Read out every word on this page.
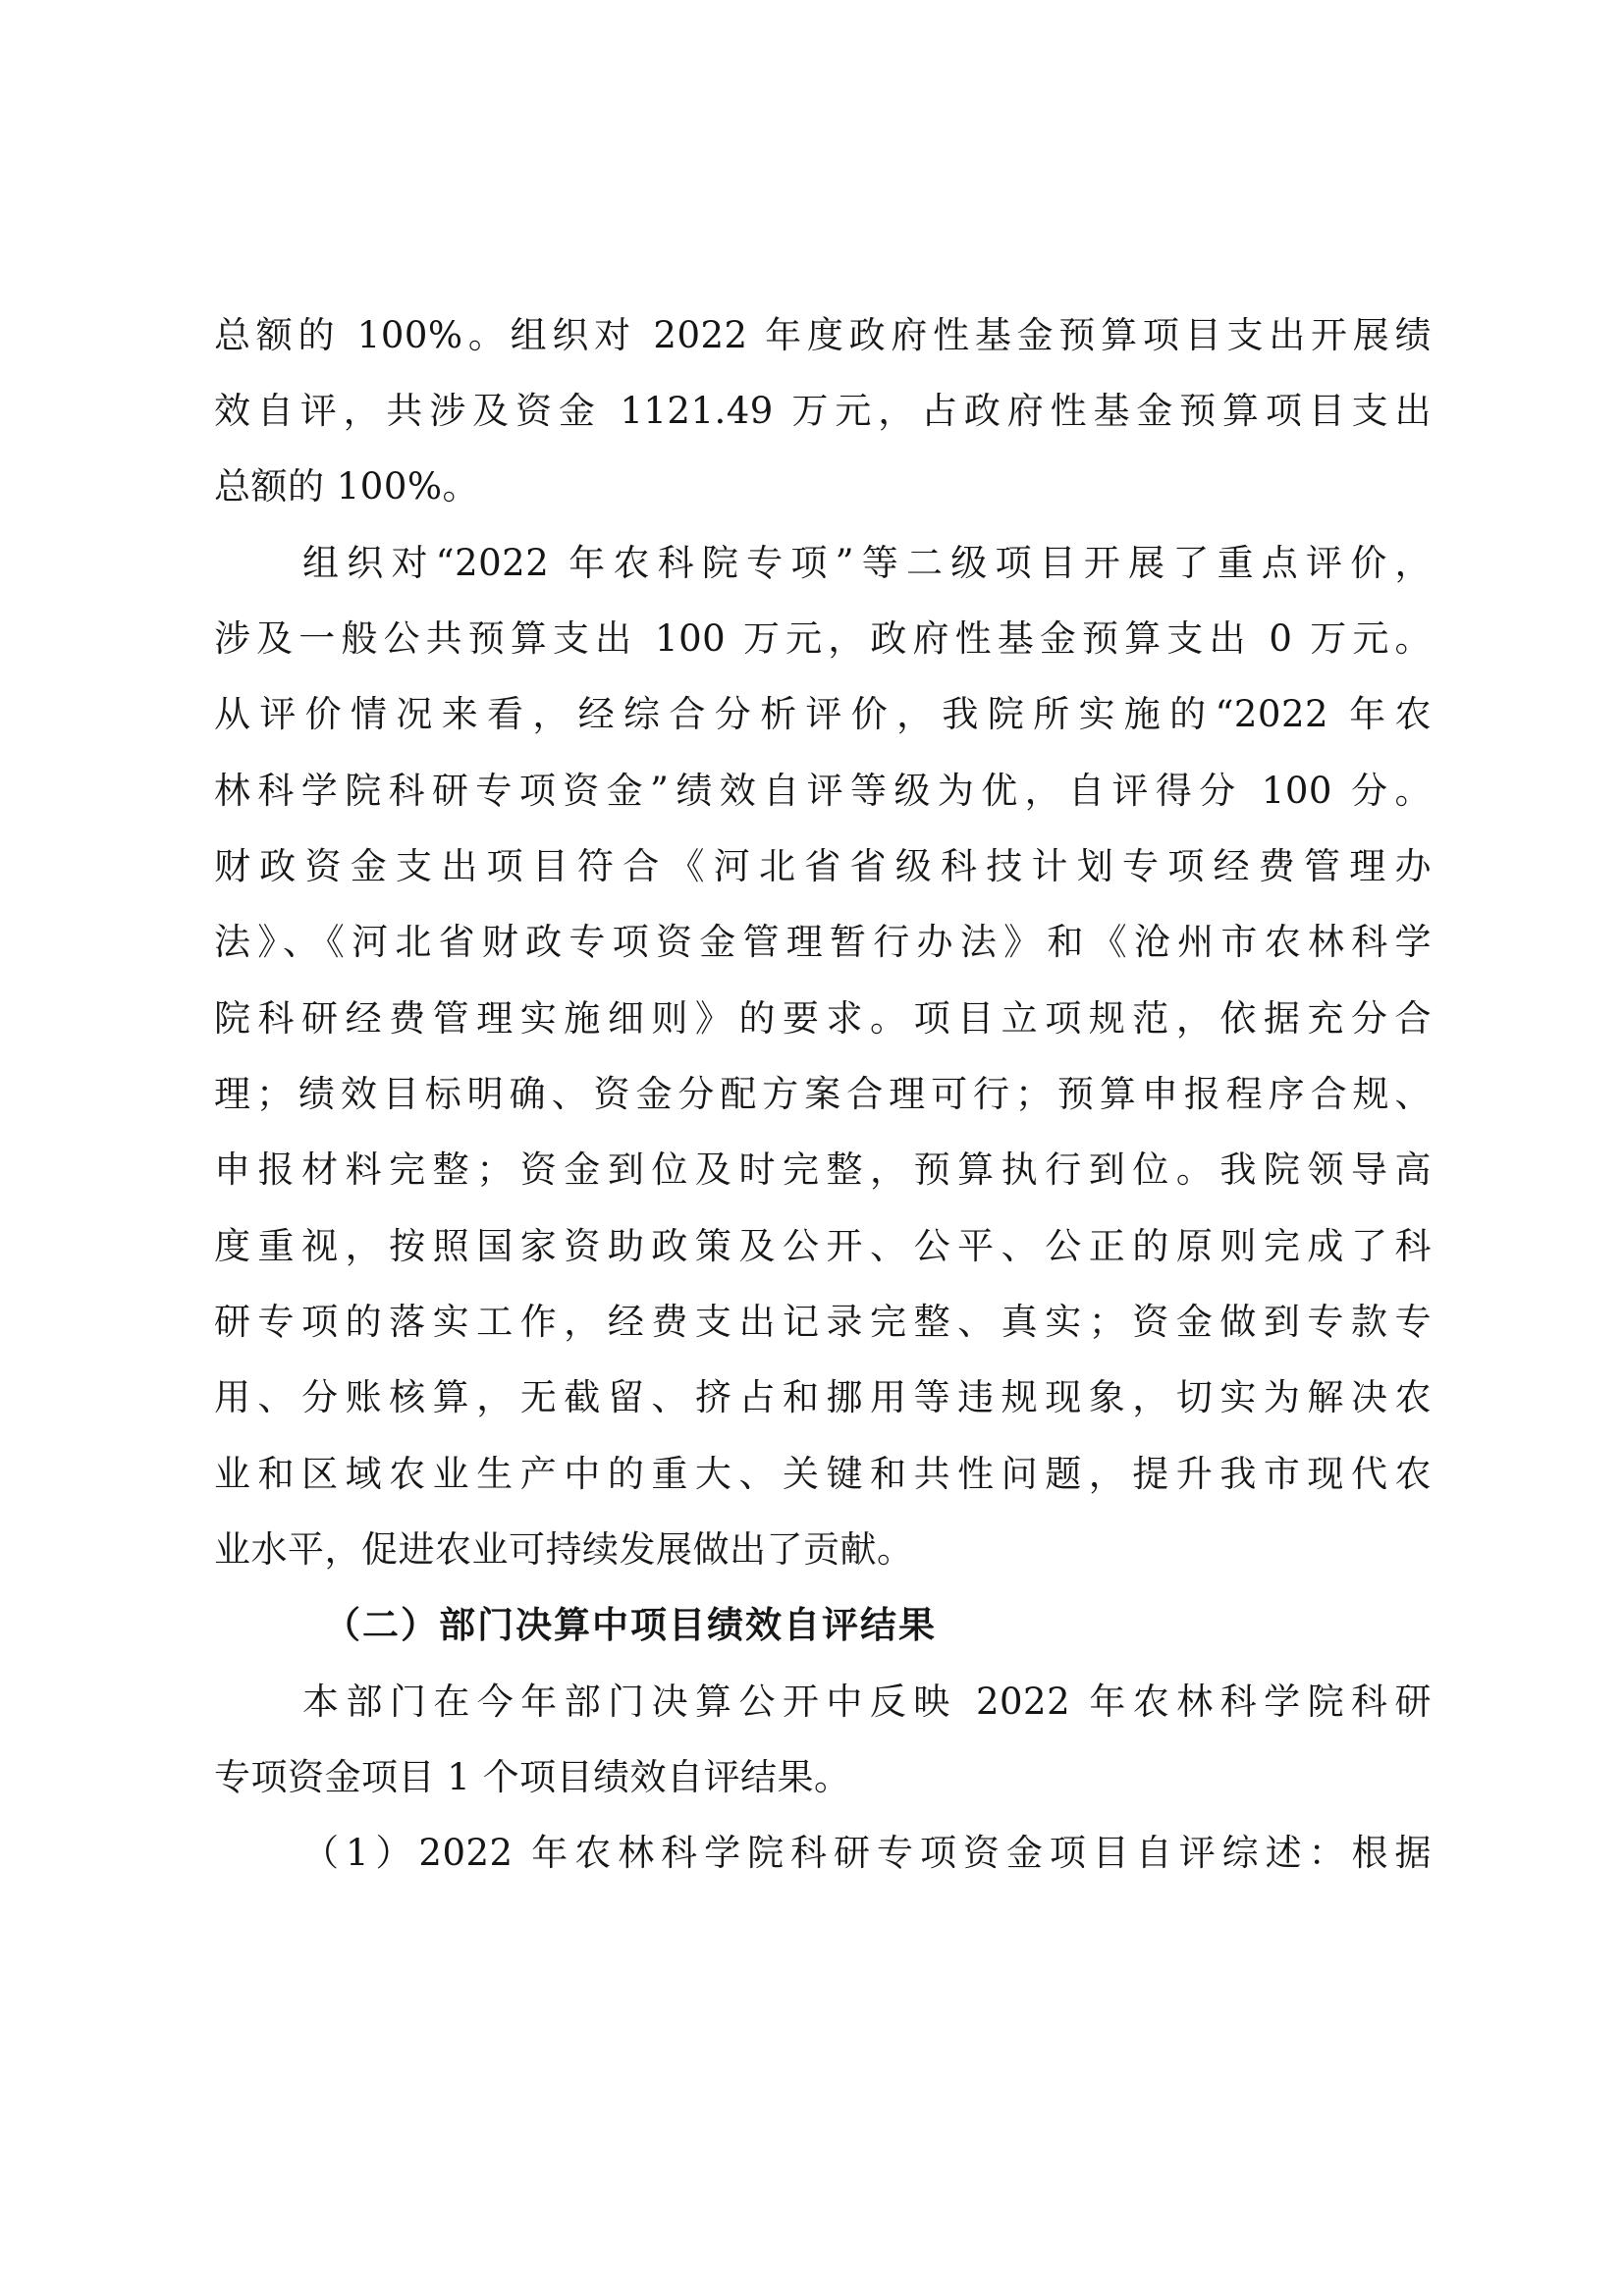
总额的 100%。组织对 2022 年度政府性基金预算项目支出开展绩
效自评，共涉及资金 1121.49 万元，占政府性基金预算项目支出
总额的 100%。
组织对“2022 年农科院专项”等二级项目开展了重点评价，
涉及一般公共预算支出 100 万元，政府性基金预算支出 0 万元。
从评价情况来看，经综合分析评价，我院所实施的“2022 年农
林科学院科研专项资金”绩效自评等级为优，自评得分 100 分。
财政资金支出项目符合《河北省省级科技计划专项经费管理办
法》、《河北省财政专项资金管理暂行办法》和《沧州市农林科学
院科研经费管理实施细则》的要求。项目立项规范，依据充分合
理；绩效目标明确、资金分配方案合理可行；预算申报程序合规、
申报材料完整；资金到位及时完整，预算执行到位。我院领导高
度重视，按照国家资助政策及公开、公平、公正的原则完成了科
研专项的落实工作，经费支出记录完整、真实；资金做到专款专
用、分账核算，无截留、挤占和挪用等违规现象，切实为解决农
业和区域农业生产中的重大、关键和共性问题，提升我市现代农
业水平，促进农业可持续发展做出了贡献。
（二）部门决算中项目绩效自评结果
本部门在今年部门决算公开中反映 2022 年农林科学院科研
专项资金项目 1 个项目绩效自评结果。
（1）2022 年农林科学院科研专项资金项目自评综述：根据
